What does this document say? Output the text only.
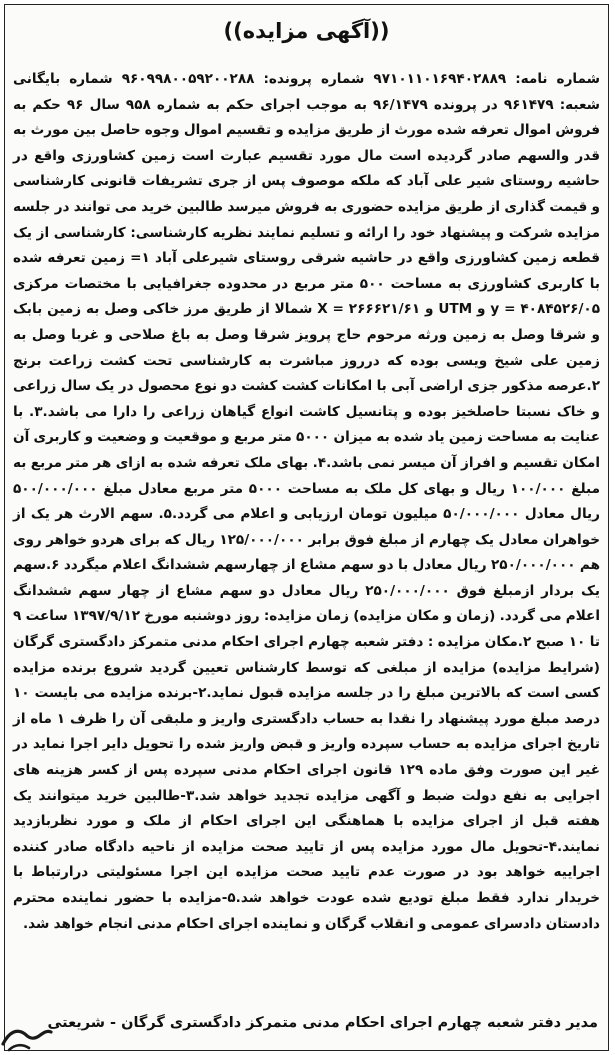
((آگهی مزایده))
شماره نامه: ۹۷۱۰۱۱۰۱۶۹۴۰۲۸۸۹ شماره پرونده: ۹۶۰۹۹۸۰۰۵۹۲۰۰۲۸۸ شماره بایگانی شعبه: ۹۶۱۴۷۹ در پرونده ۹۶/۱۴۷۹ به موجب اجرای حکم به شماره ۹۵۸ سال ۹۶ حکم به فروش اموال تعرفه شده مورث از طریق مزایده و تقسیم اموال وجوه حاصل بین مورث به قدر والسهم صادر گردیده است مال مورد تقسیم عبارت است زمین کشاورزی واقع در حاشیه روستای شیر علی آباد که ملکه موصوف پس از جری تشریفات قانونی کارشناسی و قیمت گذاری از طریق مزایده حضوری به فروش میرسد طالبین خرید می توانند در جلسه مزایده شرکت و پیشنهاد خود را ارائه و تسلیم نمایند نظریه کارشناسی: کارشناسی از یک قطعه زمین کشاورزی واقع در حاشیه شرقی روستای شیرعلی آباد ۱= زمین تعرفه شده با کاربری کشاورزی به مساحت ۵۰۰ متر مربع در محدوده جغرافیایی با مختصات مرکزی ۴۰۸۴۵۲۶/۰۵ = y و UTM و ۲۶۶۶۲۱/۶۱ = X شمالا از طریق مرز خاکی وصل به زمین بابک و شرقا وصل به زمین ورثه مرحوم حاج پرویز شرقا وصل به باغ صلاحی و غربا وصل به زمین علی شیخ ویسی بوده که درروز مباشرت به کارشناسی تحت کشت زراعت برنج ۲.عرصه مذکور جزی اراضی آبی با امکانات کشت کشت دو نوع محصول در یک سال زراعی و خاک نسبتا حاصلخیز بوده و پتانسیل کاشت انواع گیاهان زراعی را دارا می باشد.۳. با عنایت به مساحت زمین یاد شده به میزان ۵۰۰۰ متر مربع و موقعیت و وضعیت و کاربری آن امکان تقسیم و افراز آن میسر نمی باشد.۴. بهای ملک تعرفه شده به ازای هر متر مربع به مبلغ ۱۰۰/۰۰۰ ریال و بهای کل ملک به مساحت ۵۰۰۰ متر مربع معادل مبلغ ۵۰۰/۰۰۰/۰۰۰ ریال معادل ۵۰/۰۰۰/۰۰۰ میلیون تومان ارزیابی و اعلام می گردد.۵. سهم الارث هر یک از خواهران معادل یک چهارم از مبلغ فوق برابر ۱۲۵/۰۰۰/۰۰۰ ریال که برای هردو خواهر روی هم ۲۵۰/۰۰۰/۰۰۰ ریال معادل با دو سهم مشاع از چهارسهم ششدانگ اعلام میگردد ۶.سهم یک بردار ازمبلغ فوق ۲۵۰/۰۰۰/۰۰۰ ریال معادل دو سهم مشاع از چهار سهم ششدانگ اعلام می گردد. (زمان و مکان مزایده) زمان مزایده: روز دوشنبه مورخ ۱۳۹۷/۹/۱۲ ساعت ۹ تا ۱۰ صبح ۲.مکان مزایده : دفتر شعبه چهارم اجرای احکام مدنی متمرکز دادگستری گرگان (شرایط مزایده) مزایده از مبلغی که توسط کارشناس تعیین گردید شروع برنده مزایده کسی است که بالاترین مبلغ را در جلسه مزایده قبول نماید.۲-برنده مزایده می بایست ۱۰ درصد مبلغ مورد پیشنهاد را نقدا به حساب دادگستری واریز و ملبقی آن را ظرف ۱ ماه از تاریخ اجرای مزایده به حساب سپرده واریز و قبض واریز شده را تحویل دایر اجرا نماید در غیر این صورت وفق ماده ۱۲۹ قانون اجرای احکام مدنی سپرده پس از کسر هزینه های اجرایی به نفع دولت ضبط و آگهی مزایده تجدید خواهد شد.۳-طالبین خرید میتوانند یک هفته قبل از اجرای مزایده با هماهنگی این اجرای احکام از ملک و مورد نظربازدید نمایند.۴-تحویل مال مورد مزایده پس از تایید صحت مزایده از ناحیه دادگاه صادر کننده اجراییه خواهد بود در صورت عدم تایید صحت مزایده این اجرا مسئولیتی درارتباط با خریدار ندارد فقط مبلغ تودیع شده عودت خواهد شد.۵-مزایده با حضور نماینده محترم دادستان دادسرای عمومی و انقلاب گرگان و نماینده اجرای احکام مدنی انجام خواهد شد.
مدیر دفتر شعبه چهارم اجرای احکام مدنی متمرکز دادگستری گرگان - شریعتی
